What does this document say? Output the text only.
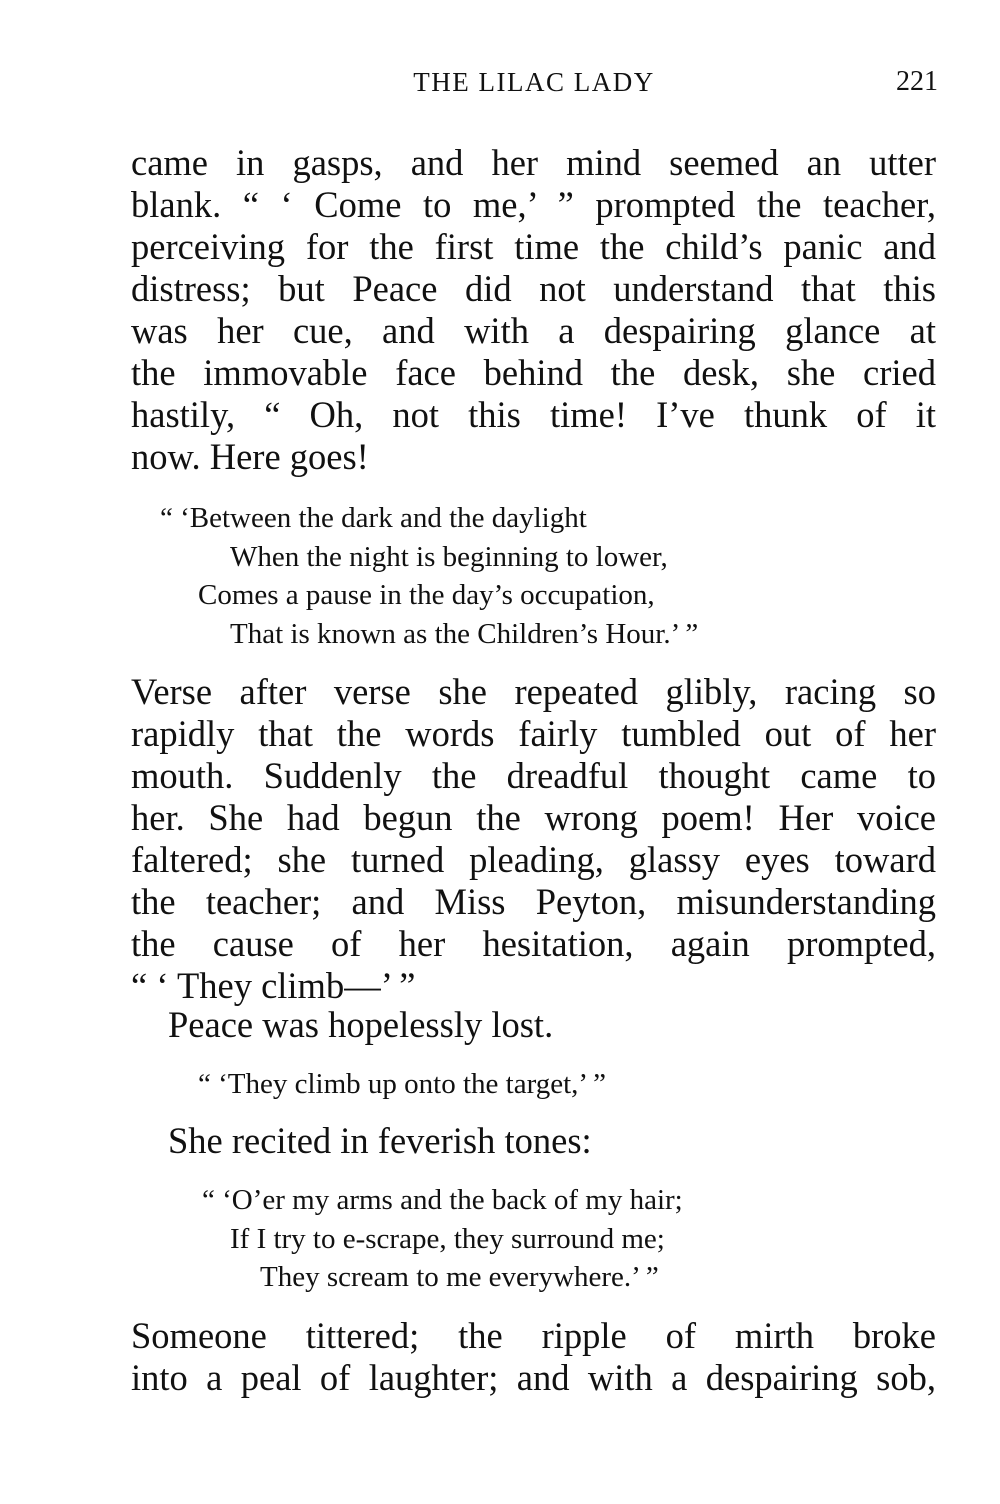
THE LILAC LADY	221
came in gasps, and her mind seemed an utter
blank. “ ‘ Come to me,’ ” prompted the teacher,
perceiving for the first time the child’s panic and
distress; but Peace did not understand that this
was her cue, and with a despairing glance at
the immovable face behind the desk, she cried
hastily, “ Oh, not this time! I’ve thunk of it
now. Here goes!
“ ‘Between the dark and the daylight
When the night is beginning to lower,
Comes a pause in the day’s occupation,
That is known as the Children’s Hour.’ ”
Verse after verse she repeated glibly, racing so
rapidly that the words fairly tumbled out of her
mouth. Suddenly the dreadful thought came to
her. She had begun the wrong poem! Her voice
faltered; she turned pleading, glassy eyes toward
the teacher; and Miss Peyton, misunderstanding
the cause of her hesitation, again prompted,
“ ‘ They climb—’ ”
Peace was hopelessly lost.
“ ‘They climb up onto the target,’ ”
She recited in feverish tones:
“ ‘O’er my arms and the back of my hair;
If I try to e-scrape, they surround me;
They scream to me everywhere.’ ”
Someone tittered; the ripple of mirth broke
into a peal of laughter; and with a despairing sob,
